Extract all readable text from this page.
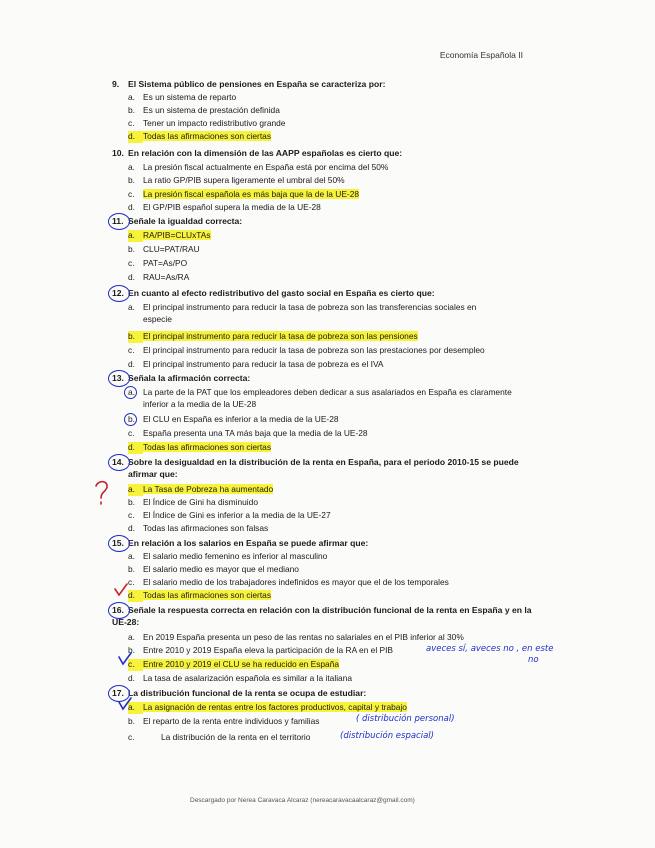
Economía Española II
9. El Sistema público de pensiones en España se caracteriza por:
a. Es un sistema de reparto
b. Es un sistema de prestación definida
c. Tener un impacto redistributivo grande
d. Todas las afirmaciones son ciertas
10. En relación con la dimensión de las AAPP españolas es cierto que:
a. La presión fiscal actualmente en España está por encima del 50%
b. La ratio GP/PIB supera ligeramente el umbral del 50%
c. La presión fiscal española es más baja que la de la UE-28
d. El GP/PIB español supera la media de la UE-28
11. Señale la igualdad correcta:
a. RA/PIB=CLUxTAs
b. CLU=PAT/RAU
c. PAT=As/PO
d. RAU=As/RA
12. En cuanto al efecto redistributivo del gasto social en España es cierto que:
a. El principal instrumento para reducir la tasa de pobreza son las transferencias sociales en
especie
b. El principal instrumento para reducir la tasa de pobreza son las pensiones
c. El principal instrumento para reducir la tasa de pobreza son las prestaciones por desempleo
d. El principal instrumento para reducir la tasa de pobreza es el IVA
13. Señala la afirmación correcta:
a. La parte de la PAT que los empleadores deben dedicar a sus asalariados en España es claramente
inferior a la media de la UE-28
b. El CLU en España es inferior a la media de la UE-28
c. España presenta una TA más baja que la media de la UE-28
d. Todas las afirmaciones son ciertas
14. Sobre la desigualdad en la distribución de la renta en España, para el periodo 2010-15 se puede
afirmar que:
a. La Tasa de Pobreza ha aumentado
b. El Índice de Gini ha disminuido
c. El Índice de Gini es inferior a la media de la UE-27
d. Todas las afirmaciones son falsas
15. En relación a los salarios en España se puede afirmar que:
a. El salario medio femenino es inferior al masculino
b. El salario medio es mayor que el mediano
c. El salario medio de los trabajadores indefinidos es mayor que el de los temporales
d. Todas las afirmaciones son ciertas
16. Señale la respuesta correcta en relación con la distribución funcional de la renta en España y en la
UE-28:
a. En 2019 España presenta un peso de las rentas no salariales en el PIB inferior al 30%
b. Entre 2010 y 2019 España eleva la participación de la RA en el PIB
c. Entre 2010 y 2019 el CLU se ha reducido en España
d. La tasa de asalarización española es similar a la italiana
17. La distribución funcional de la renta se ocupa de estudiar:
a. La asignación de rentas entre los factores productivos, capital y trabajo
b. El reparto de la renta entre individuos y familias
c.	La distribución de la renta en el territorio
aveces sí, aveces no , en este
no
( distribución personal)
(distribución espacial)
Descargado por Nerea Caravaca Alcaraz (nereacaravacaalcaraz@gmail.com)
